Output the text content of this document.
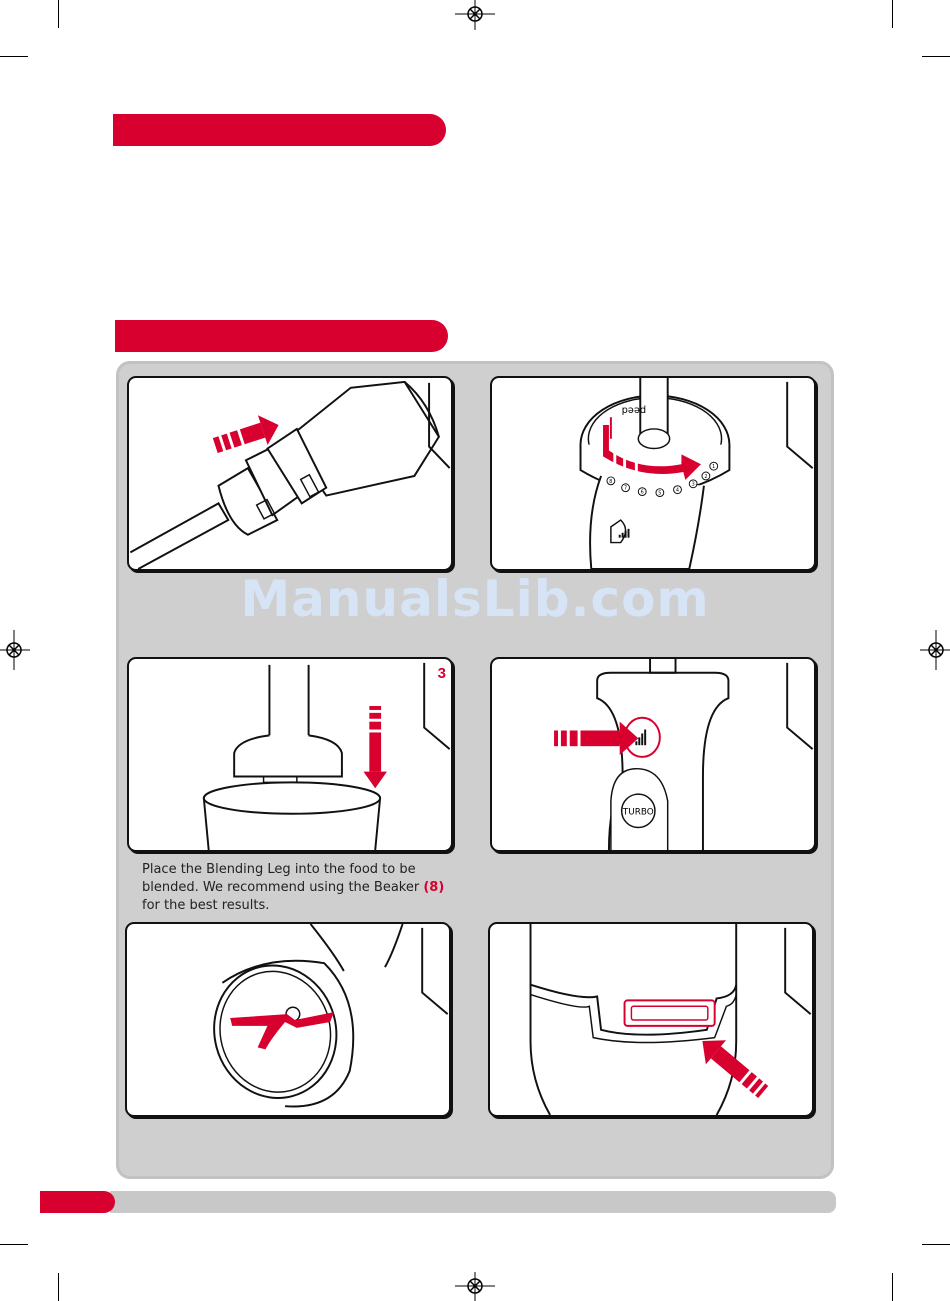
peed
1
2
3
4
5
6
7
8
3
TURBO
Place the Blending Leg into the food to be
blended. We recommend using the Beaker (8)
for the best results.
ManualsLib.com
